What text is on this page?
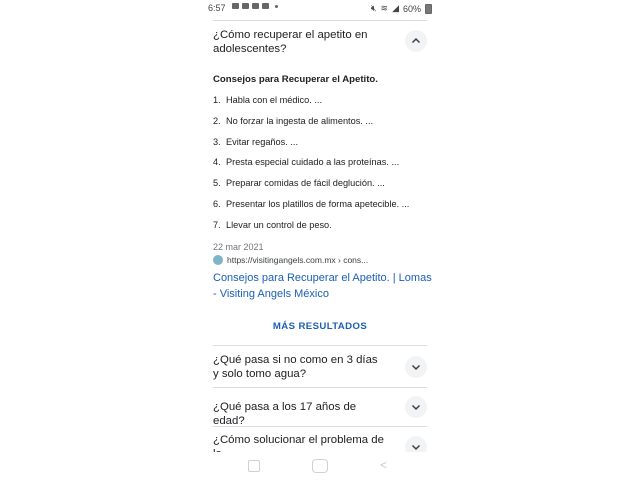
6:57	🔇︎ ≋ ◢ 60%
¿Cómo recuperar el apetito en adolescentes?
Consejos para Recuperar el Apetito.
1. Habla con el médico. ...
2. No forzar la ingesta de alimentos. ...
3. Evitar regaños. ...
4. Presta especial cuidado a las proteínas. ...
5. Preparar comidas de fácil deglución. ...
6. Presentar los platillos de forma apetecible. ...
7. Llevar un control de peso.
22 mar 2021
https://visitingangels.com.mx › cons...
Consejos para Recuperar el Apetito. | Lomas - Visiting Angels México
MÁS RESULTADOS
¿Qué pasa si no como en 3 días y solo tomo agua?
¿Qué pasa a los 17 años de edad?
¿Cómo solucionar el problema de
<
